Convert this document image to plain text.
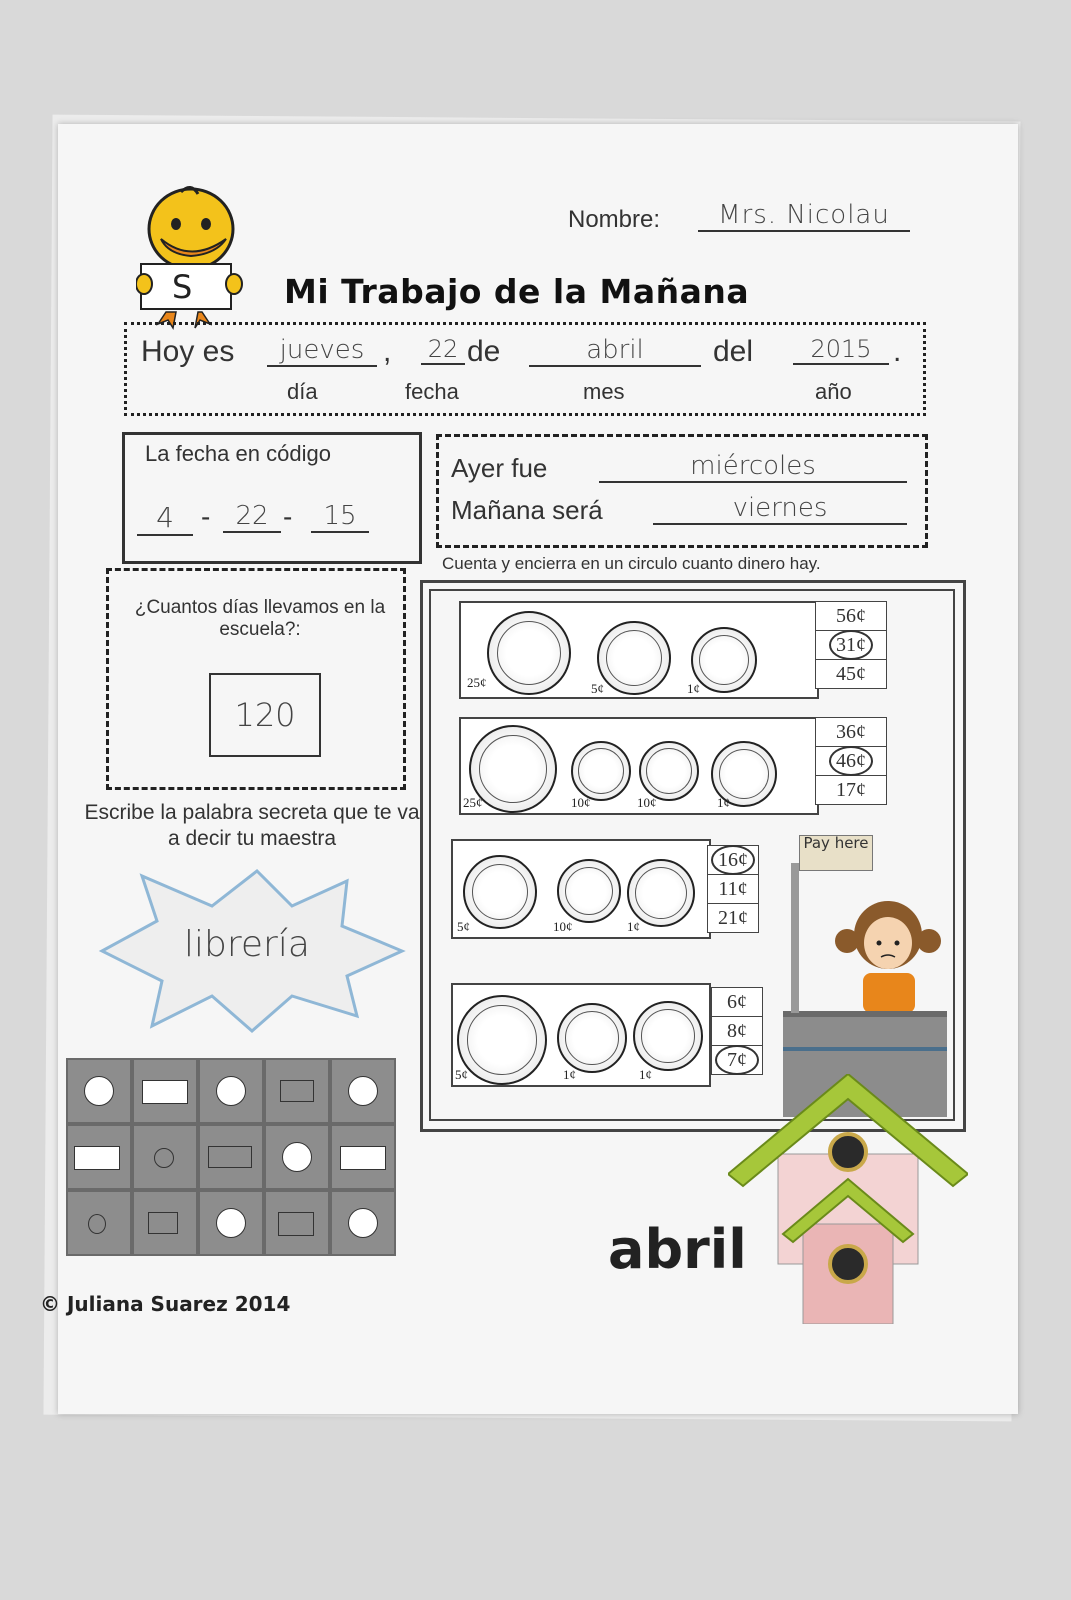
S
Nombre:	Mrs. Nicolau
Mi Trabajo de la Mañana
Hoy es	jueves , 22 de	abril	del	2015 .
día	fecha	mes	año
La fecha en código
4 - 22 -	15
Ayer fue	miércoles
Mañana será	viernes
¿Cuantos días llevamos en la escuela?:
120
Escribe la palabra secreta que te va a decir tu maestra
librería
Cuenta y encierra en un circulo cuanto dinero hay.
25¢	5¢	1¢
56¢
31¢
45¢
25¢	10¢	10¢	1¢
36¢
46¢
17¢
5¢	10¢	1¢
16¢
11¢
21¢
5¢	1¢	1¢
6¢
8¢
7¢
Pay here
© Juliana Suarez 2014
abril
